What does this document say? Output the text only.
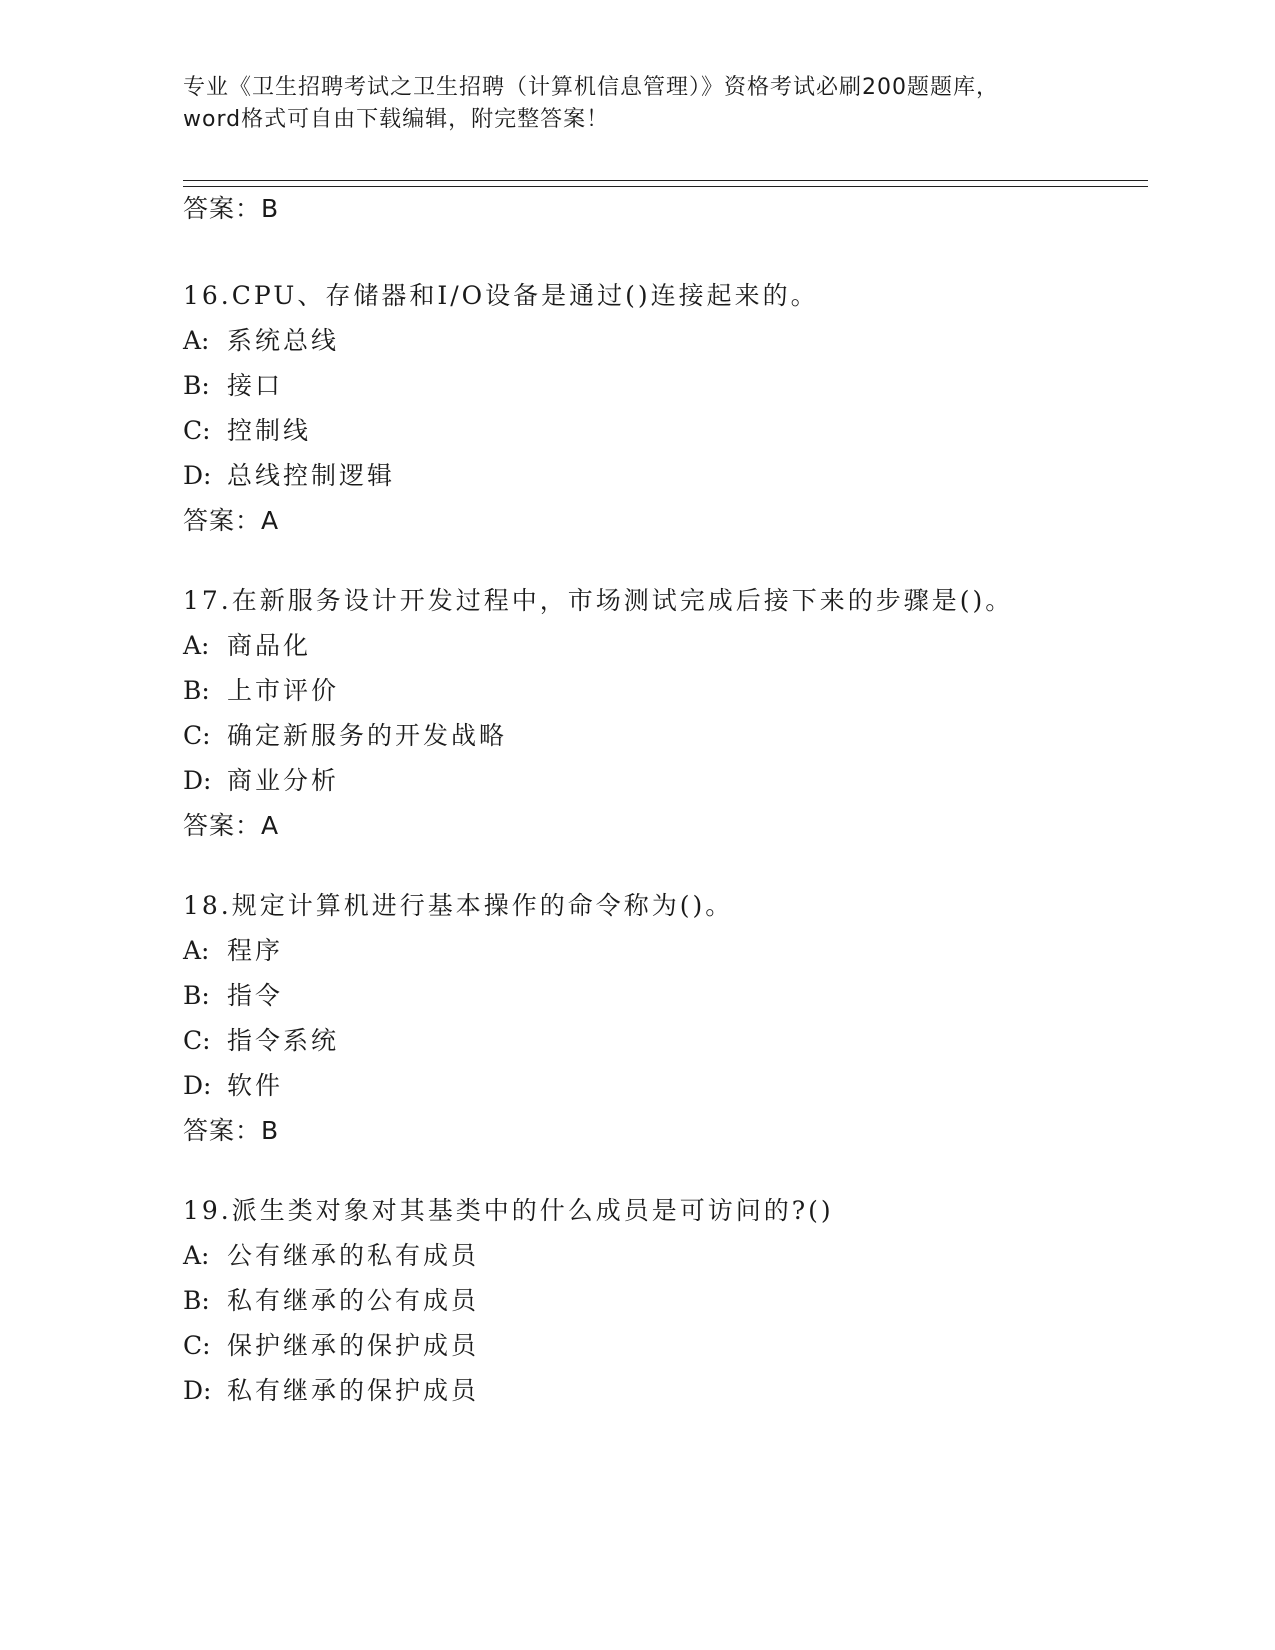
专业《卫生招聘考试之卫生招聘（计算机信息管理）》资格考试必刷200题题库，
word格式可自由下载编辑，附完整答案！
答案：B
16.CPU、存储器和I/O设备是通过()连接起来的。
A: 系统总线
B: 接口
C: 控制线
D: 总线控制逻辑
答案：A
17.在新服务设计开发过程中，市场测试完成后接下来的步骤是()。
A: 商品化
B: 上市评价
C: 确定新服务的开发战略
D: 商业分析
答案：A
18.规定计算机进行基本操作的命令称为()。
A: 程序
B: 指令
C: 指令系统
D: 软件
答案：B
19.派生类对象对其基类中的什么成员是可访问的?()
A: 公有继承的私有成员
B: 私有继承的公有成员
C: 保护继承的保护成员
D: 私有继承的保护成员
